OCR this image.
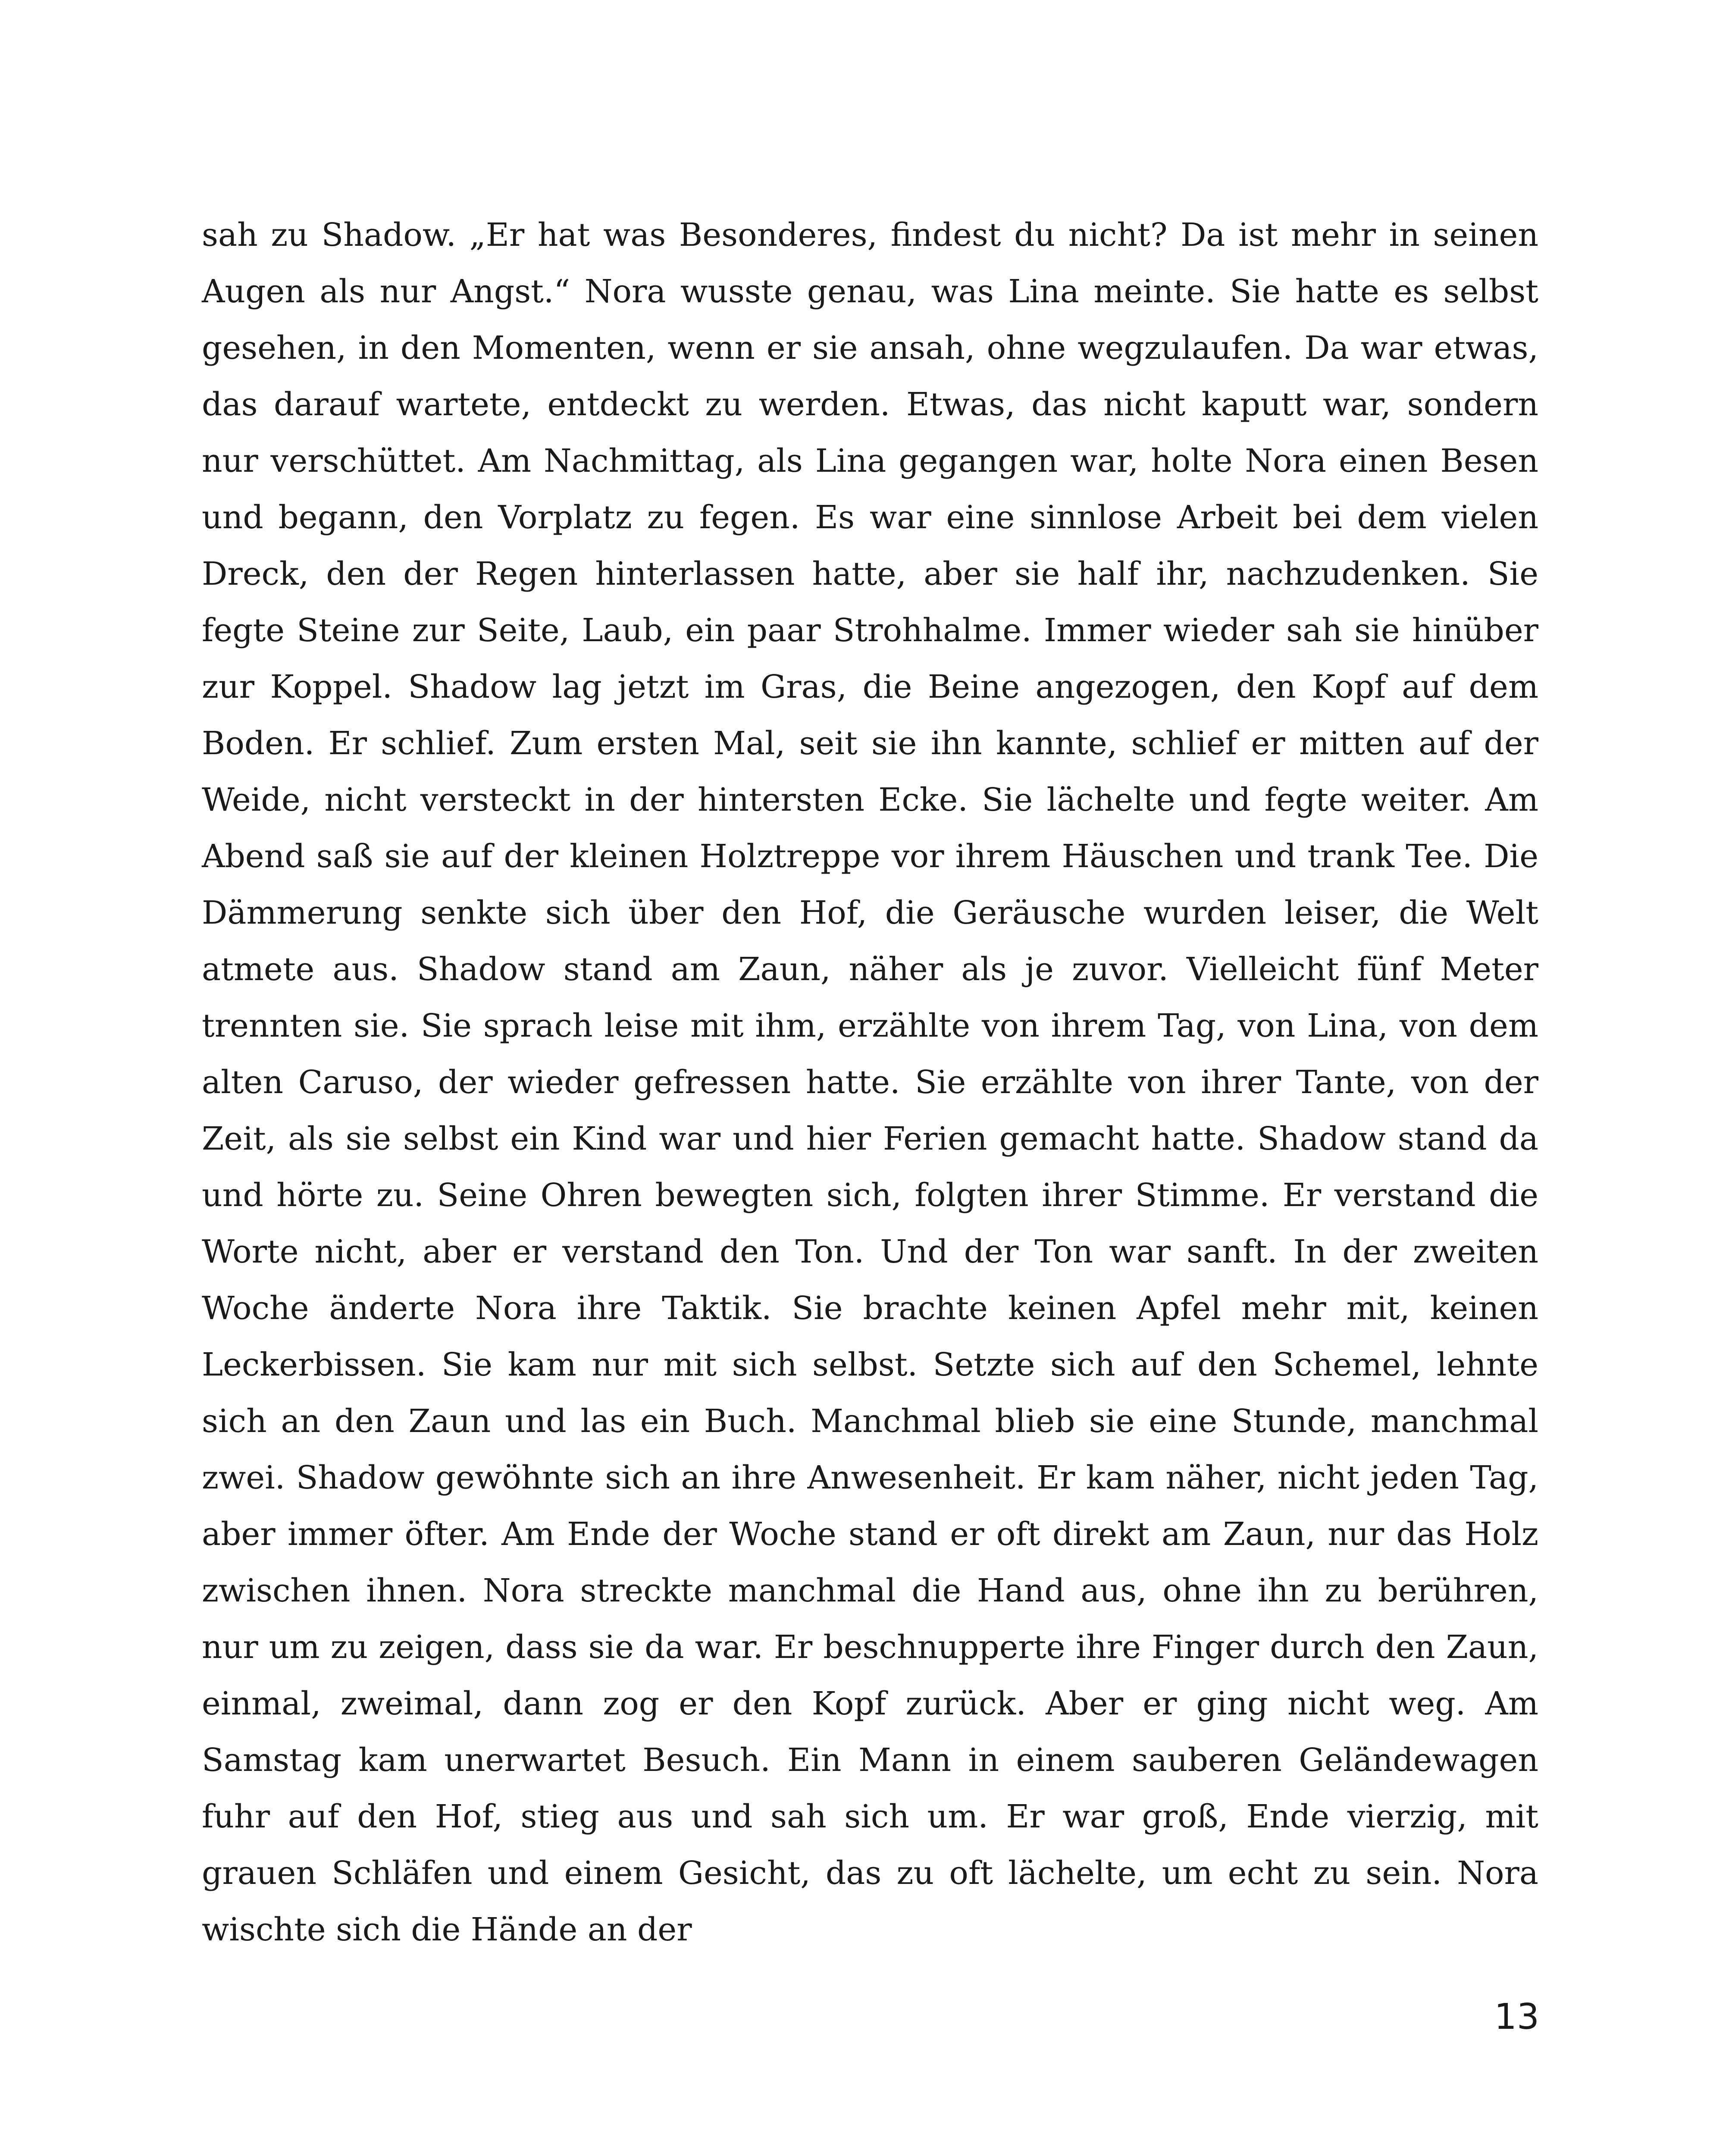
sah zu Shadow. „Er hat was Besonderes, findest du nicht? Da ist mehr in seinen Augen als nur Angst.“ Nora wusste genau, was Lina meinte. Sie hatte es selbst gesehen, in den Momenten, wenn er sie ansah, ohne wegzulaufen. Da war etwas, das darauf wartete, entdeckt zu werden. Etwas, das nicht kaputt war, sondern nur verschüttet. Am Nachmittag, als Lina gegangen war, holte Nora einen Besen und begann, den Vorplatz zu fegen. Es war eine sinnlose Arbeit bei dem vielen Dreck, den der Regen hinterlassen hatte, aber sie half ihr, nachzudenken. Sie fegte Steine zur Seite, Laub, ein paar Strohhalme. Immer wieder sah sie hinüber zur Koppel. Shadow lag jetzt im Gras, die Beine angezogen, den Kopf auf dem Boden. Er schlief. Zum ersten Mal, seit sie ihn kannte, schlief er mitten auf der Weide, nicht versteckt in der hintersten Ecke. Sie lächelte und fegte weiter. Am Abend saß sie auf der kleinen Holztreppe vor ihrem Häuschen und trank Tee. Die Dämmerung senkte sich über den Hof, die Geräusche wurden leiser, die Welt atmete aus. Shadow stand am Zaun, näher als je zuvor. Vielleicht fünf Meter trennten sie. Sie sprach leise mit ihm, erzählte von ihrem Tag, von Lina, von dem alten Caruso, der wieder gefressen hatte. Sie erzählte von ihrer Tante, von der Zeit, als sie selbst ein Kind war und hier Ferien gemacht hatte. Shadow stand da und hörte zu. Seine Ohren bewegten sich, folgten ihrer Stimme. Er verstand die Worte nicht, aber er verstand den Ton. Und der Ton war sanft. In der zweiten Woche änderte Nora ihre Taktik. Sie brachte keinen Apfel mehr mit, keinen Leckerbissen. Sie kam nur mit sich selbst. Setzte sich auf den Schemel, lehnte sich an den Zaun und las ein Buch. Manchmal blieb sie eine Stunde, manchmal zwei. Shadow gewöhnte sich an ihre Anwesenheit. Er kam näher, nicht jeden Tag, aber immer öfter. Am Ende der Woche stand er oft direkt am Zaun, nur das Holz zwischen ihnen. Nora streckte manchmal die Hand aus, ohne ihn zu berühren, nur um zu zeigen, dass sie da war. Er beschnupperte ihre Finger durch den Zaun, einmal, zweimal, dann zog er den Kopf zurück. Aber er ging nicht weg. Am Samstag kam unerwartet Besuch. Ein Mann in einem sauberen Geländewagen fuhr auf den Hof, stieg aus und sah sich um. Er war groß, Ende vierzig, mit grauen Schläfen und einem Gesicht, das zu oft lächelte, um echt zu sein. Nora wischte sich die Hände an der

13
